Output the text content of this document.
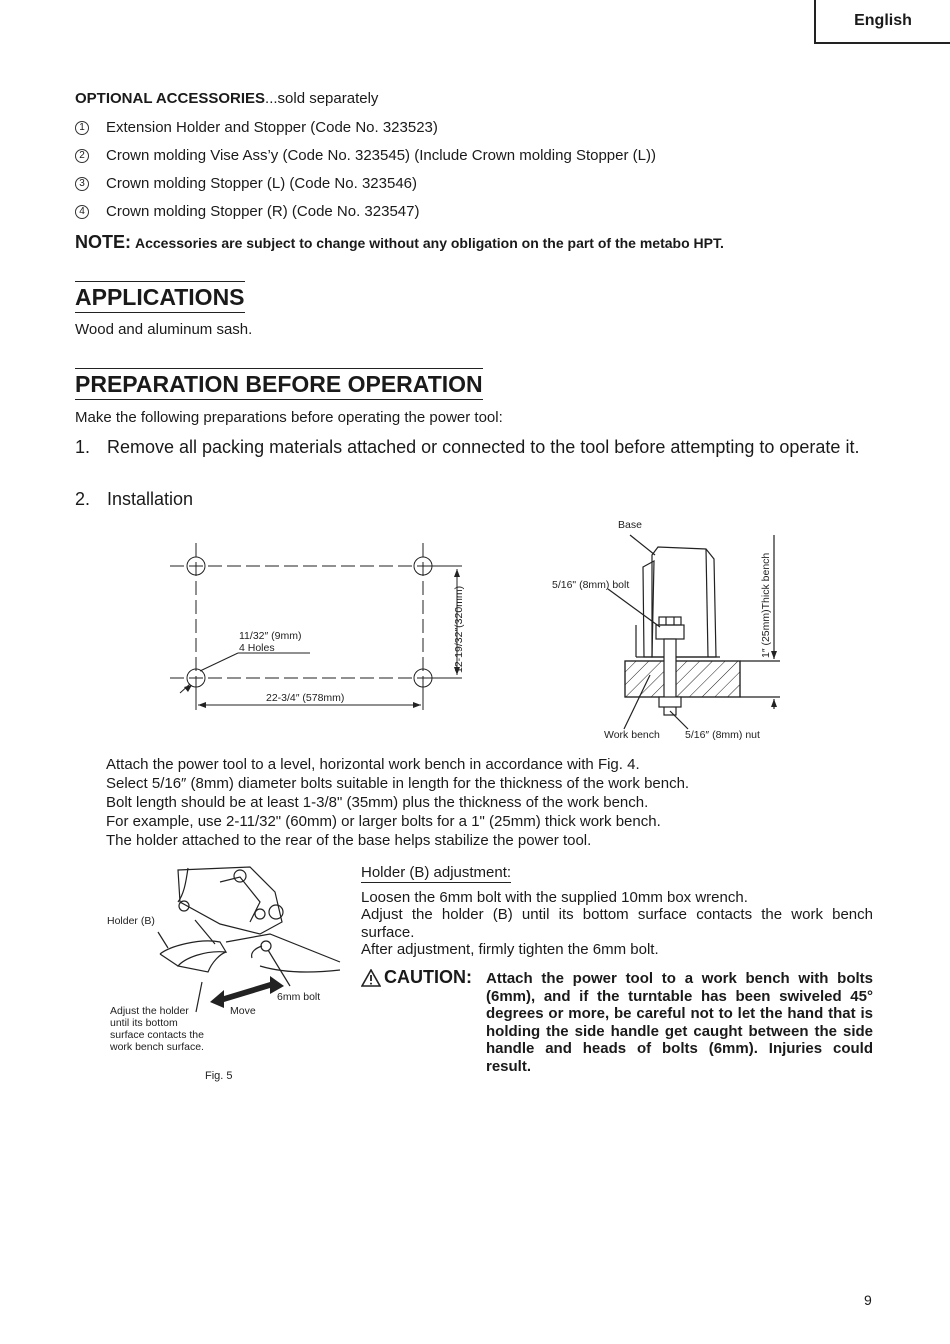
English
OPTIONAL ACCESSORIES...sold separately
1 Extension Holder and Stopper (Code No. 323523)
2 Crown molding Vise Ass’y (Code No. 323545) (Include Crown molding Stopper (L))
3 Crown molding Stopper (L) (Code No. 323546)
4 Crown molding Stopper (R) (Code No. 323547)
NOTE: Accessories are subject to change without any obligation on the part of the metabo HPT.
APPLICATIONS
Wood and aluminum sash.
PREPARATION BEFORE OPERATION
Make the following preparations before operating the power tool:
1. Remove all packing materials attached or connected to the tool before attempting to operate it.
2. Installation
11/32″ (9mm)
4 Holes
22-3/4″ (578mm)
12-19/32″(320mm)
Base
5/16" (8mm) bolt
Work bench 5/16″ (8mm) nut
1″ (25mm)Thick bench
Attach the power tool to a level, horizontal work bench in accordance with Fig. 4.
Select 5/16″ (8mm) diameter bolts suitable in length for the thickness of the work bench.
Bolt length should be at least 1-3/8" (35mm) plus the thickness of the work bench.
For example, use 2-11/32" (60mm) or larger bolts for a 1" (25mm) thick work bench.
The holder attached to the rear of the base helps stabilize the power tool.
Holder (B)
6mm bolt
Move
Adjust the holder
until its bottom
surface contacts the
work bench surface.
Fig. 5
Holder (B) adjustment:
Loosen the 6mm bolt with the supplied 10mm box wrench.
Adjust the holder (B) until its bottom surface contacts the work bench surface.
After adjustment, firmly tighten the 6mm bolt.
CAUTION: Attach the power tool to a work bench with bolts (6mm), and if the turntable has been swiveled 45° degrees or more, be careful not to let the hand that is holding the side handle get caught between the side handle and heads of bolts (6mm). Injuries could result.
9
